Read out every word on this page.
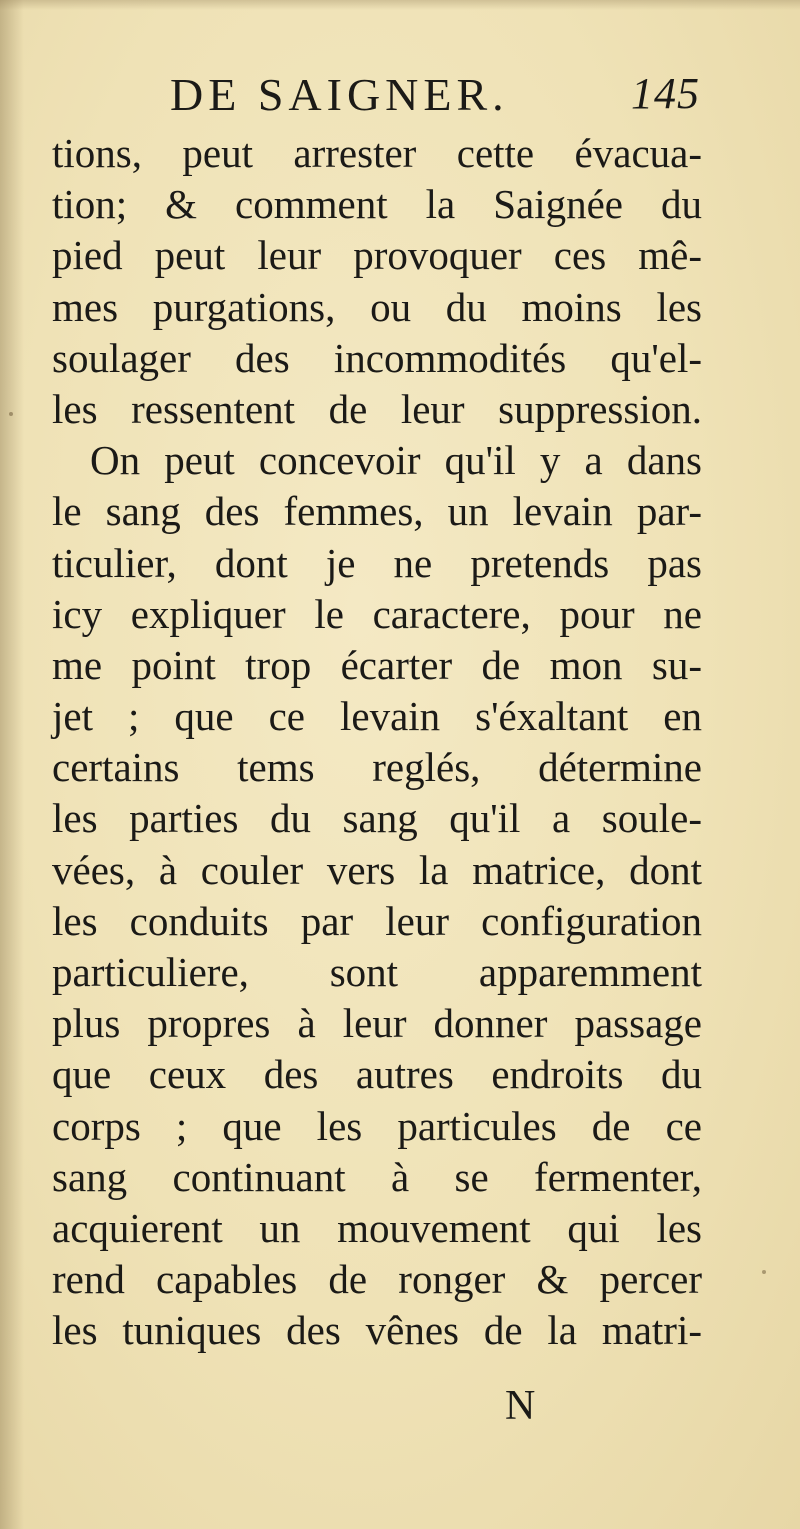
DE SAIGNER.	145
tions, peut arrester cette évacua-
tion; & comment la Saignée du
pied peut leur provoquer ces mê-
mes purgations, ou du moins les
soulager des incommodités qu'el-
les ressentent de leur suppression.
On peut concevoir qu'il y a dans
le sang des femmes, un levain par-
ticulier, dont je ne pretends pas
icy expliquer le caractere, pour ne
me point trop écarter de mon su-
jet ; que ce levain s'éxaltant en
certains tems reglés, détermine
les parties du sang qu'il a soule-
vées, à couler vers la matrice, dont
les conduits par leur configuration
particuliere, sont apparemment
plus propres à leur donner passage
que ceux des autres endroits du
corps ; que les particules de ce
sang continuant à se fermenter,
acquierent un mouvement qui les
rend capables de ronger & percer
les tuniques des vênes de la matri-
N
